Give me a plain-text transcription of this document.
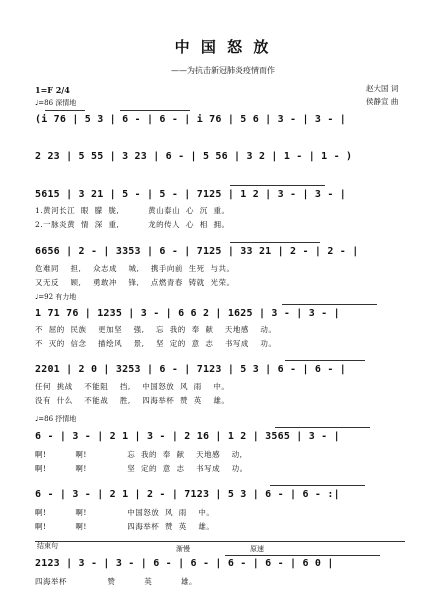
中 国 怒 放
——为抗击新冠肺炎疫情而作
赵大国 词
侯静宣 曲
1=F 2/4
♩=86 深情地
(i 76 | 5 3 | 6 - | 6 - | i 76 | 5 6 | 3 - | 3 - |
2 23 | 5 55 | 3 23 | 6 - | 5 56 | 3 2 | 1 - | 1 - )
5615 | 3 21 | 5 - | 5 - | 7125 | 1 2 | 3 - | 3 - |
1.黄河长江  眼  朦  胧,          黄山泰山  心  沉  重。
2.一脉炎黄  情  深  重,          龙的传人  心  相  拥。
6656 | 2 - | 3353 | 6 - | 7125 | 33 21 | 2 - | 2 - |
危难同    担,    众志成    城,    携手向前  生死  与共。
又无反    顾,    勇敢冲    锋,    点燃青春  铸就  光荣。
♩=92 有力地
1 71 76 | 1235 | 3 - | 6 6 2 | 1625 | 3 - | 3 - |
不  屈的  民族    更加坚    强,    忘  我的  奉  献    天地感    动。
不  灭的  信念    描绘风    景,    坚  定的  意  志    书写成    功。
2201 | 2 0 | 3253 | 6 - | 7123 | 5 3 | 6 - | 6 - |
任何  挑战    不能阻    挡,    中国怒放  风  雨    中。
没有  什么    不能战    胜,    四海举杯  赞  英    雄。
♩=86 抒情地
6 - | 3 - | 2 1 | 3 - | 2 16 | 1 2 | 3565 | 3 - |
啊!          啊!              忘  我的  奉  献    天地感    动,
啊!          啊!              坚  定的  意  志    书写成    功。
6 - | 3 - | 2 1 | 2 - | 7123 | 5 3 | 6 - | 6 - :|
啊!          啊!              中国怒放  风  雨    中。
啊!          啊!              四海举杯  赞  英    雄。
结束句	渐慢	原速
2123 | 3 - | 3 - | 6 - | 6 - | 6 - | 6 - | 6 0 |
四海举杯              赞          英          雄。
